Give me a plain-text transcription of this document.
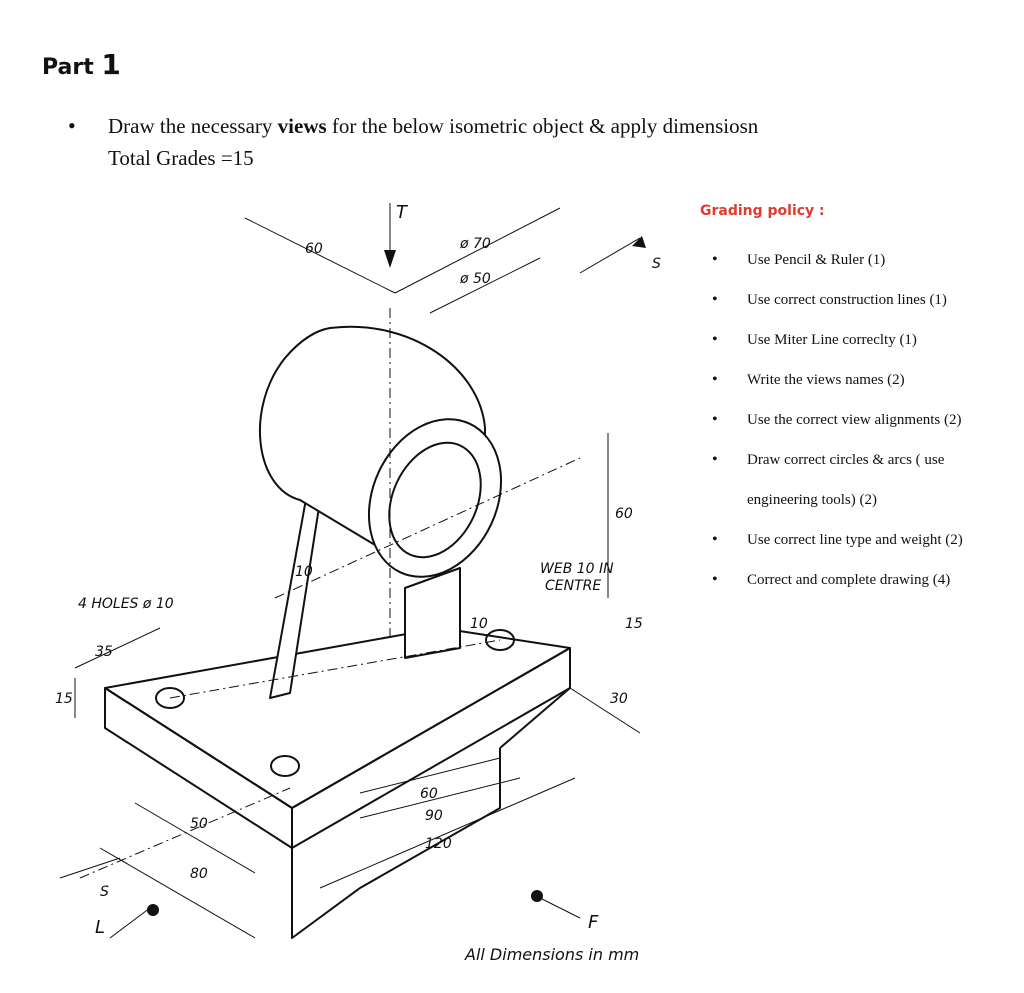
Part 1
• Draw the necessary views for the below isometric object & apply dimensiosn
Total Grades =15
T
F
L
S
S
60	ø 70
ø 50
60
10
10
WEB 10 IN
CENTRE
4 HOLES ø 10
35
15
50
80
60
90
120
30
15
All Dimensions in mm
Grading policy :
• Use Pencil & Ruler (1)
• Use correct construction lines (1)
• Use Miter Line correclty (1)
• Write the views names (2)
• Use the correct view alignments (2)
• Draw correct circles & arcs ( use
engineering tools) (2)
• Use correct line type and weight (2)
• Correct and complete drawing (4)
